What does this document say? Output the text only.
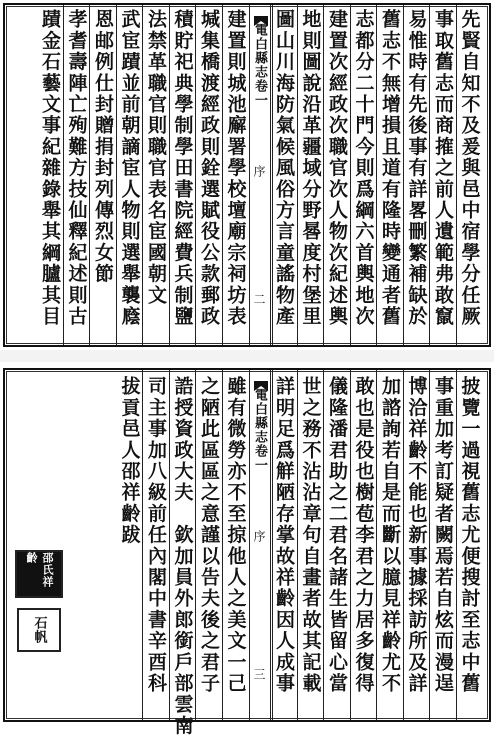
先賢自知不及爰與邑中宿學分任厥
事取舊志而商搉之前人遺範弗敢竄
易惟時有先後事有詳畧刪繁補缺於
舊志不無增損且道有隆時變通者舊
志都分二十門今則爲綱六首輿地次
建置次經政次職官次人物次紀述輿
地則圖說沿革疆域分野晷度村堡里
圖山川海防氣候風俗方言童謠物產
電白縣志卷一
序
二
建置則城池廨署學校壇廟宗祠坊表
堿集橋渡經政則銓選賦役公款郵政
積貯祀典學制學田書院經費兵制鹽
法禁革職官則職官表名宦國朝文
武宦蹟並前朝謫宦人物則選舉襲廕
恩邮例仕封贈捐封列傳烈女節
孝耆壽陣亡殉難方技仙釋紀述則古
蹟金石藝文事紀雜錄舉其綱臚其目
披覽一過視舊志尤便搜討至志中舊
事重加考訂疑者闕焉若自炫而漫逞
博洽祥齡不能也新事據採訪所及詳
加諮詢若自是而斷以臆見祥齡尤不
敢也是役也樹苞李君之力居多復得
儀隆潘君助之二君名諸生皆留心當
世之務不沾沾章句自畫者故其記載
詳明足爲觧陋存掌故祥齡因人成事
電白縣志卷一
序
三
雖有微勞亦不至掠他人之美文一己
之陋此區區之意謹以告夫後之君子
誥授資政大夫　欽加員外郎銜戶部雲南
司主事加八級前任內閣中書辛酉科
拔貢邑人邵祥齡跋
邵氏祥齡
石帆
